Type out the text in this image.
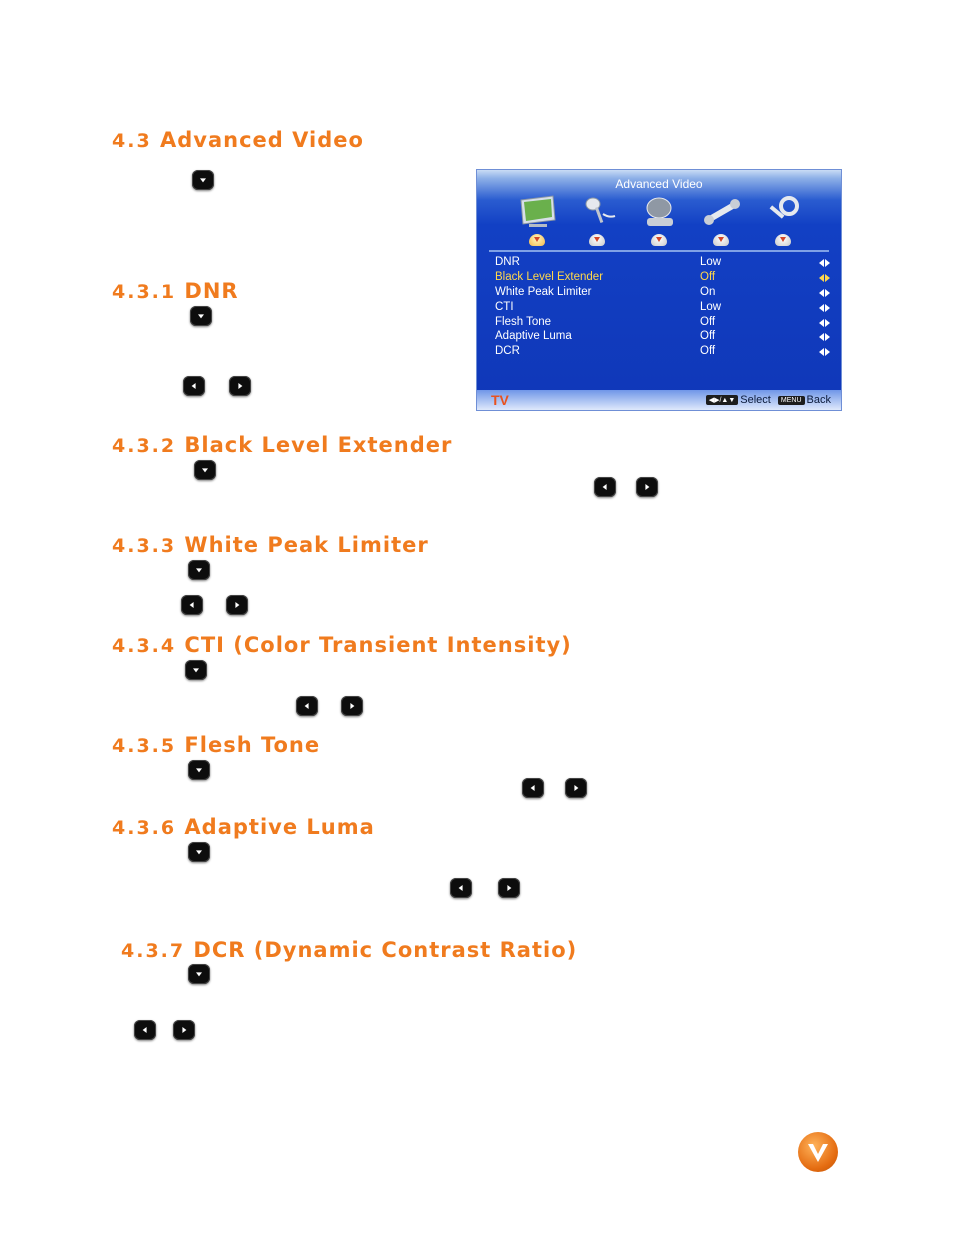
4.3 Advanced Video
4.3.1 DNR
4.3.2 Black Level Extender
4.3.3 White Peak Limiter
4.3.4 CTI (Color Transient Intensity)
4.3.5 Flesh Tone
4.3.6 Adaptive Luma
4.3.7 DCR (Dynamic Contrast Ratio)
Advanced Video
DNR	Low
Black Level Extender	Off
White Peak Limiter	On
CTI	Low
Flesh Tone	Off
Adaptive Luma	Off
DCR	Off
TV	◀▶/▲▼ Select MENU Back
